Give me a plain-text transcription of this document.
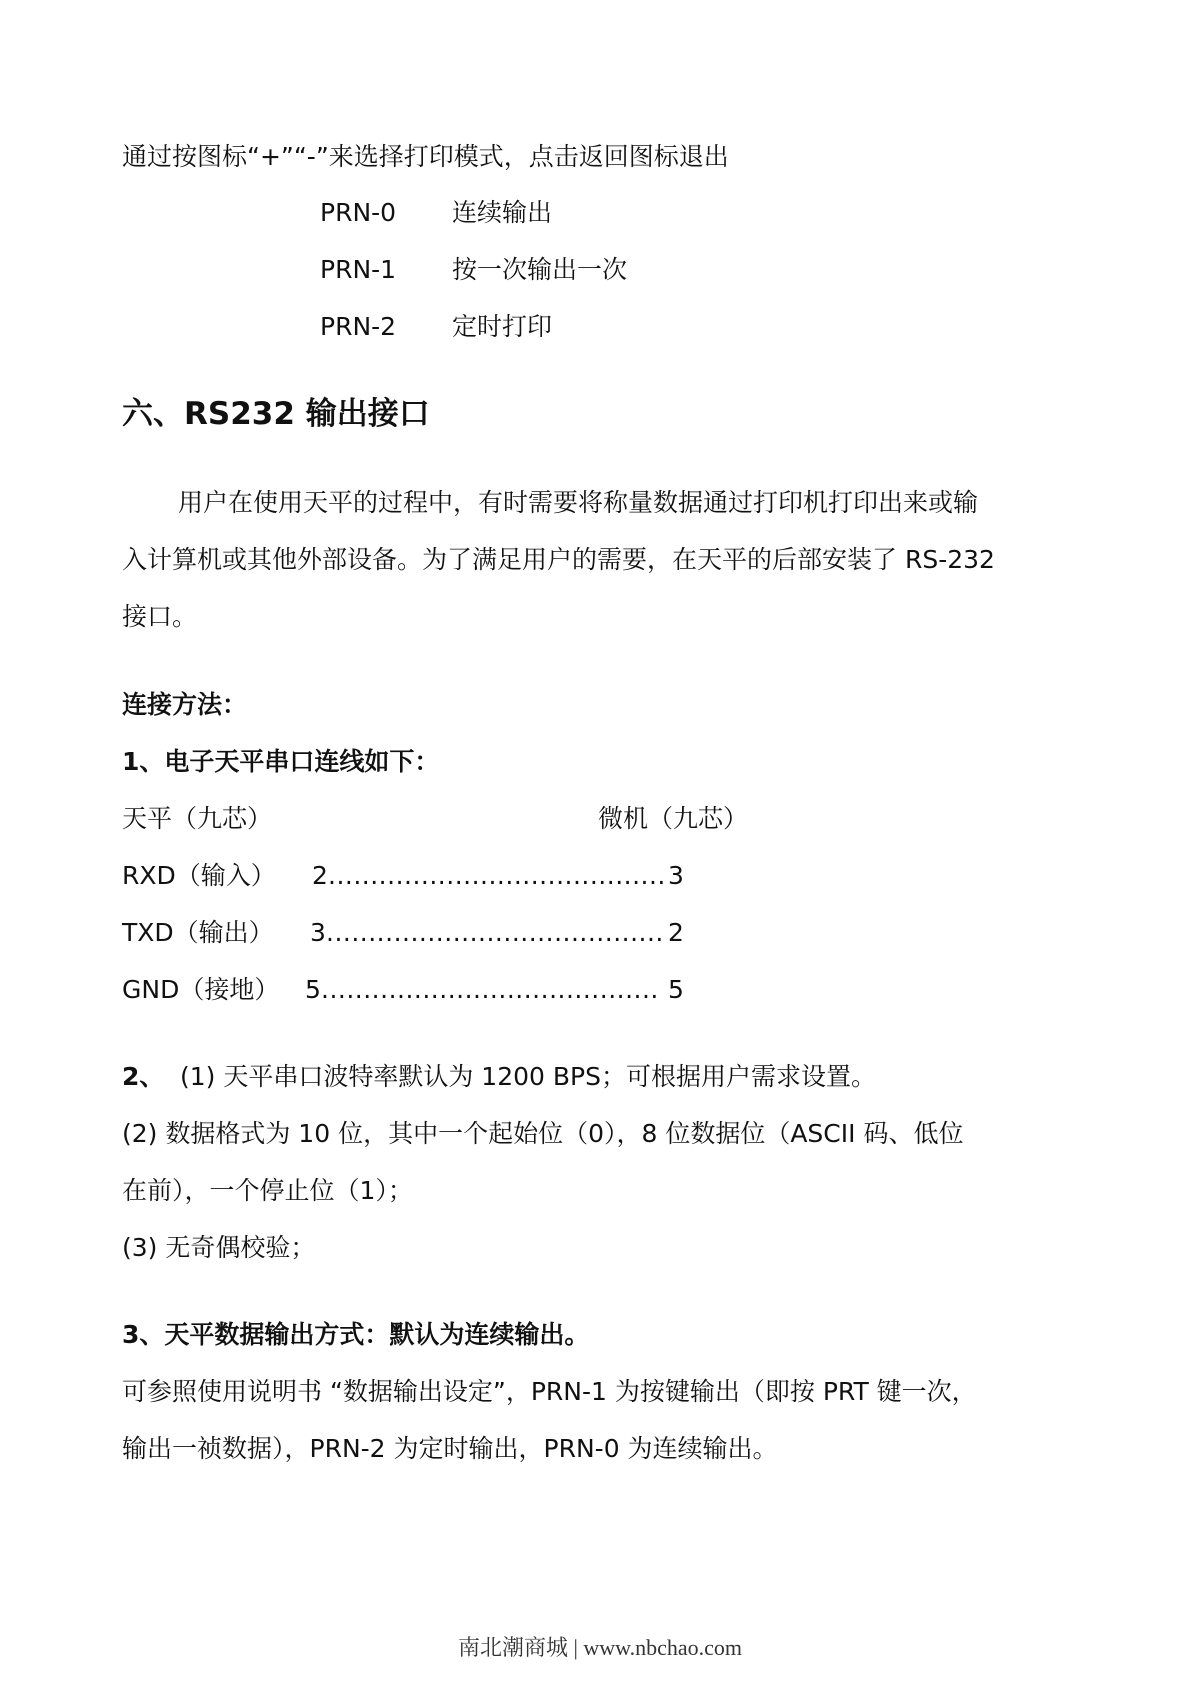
通过按图标“+”“-”来选择打印模式，点击返回图标退出
PRN-0 连续输出
PRN-1 按一次输出一次
PRN-2 定时打印
六、RS232 输出接口
用户在使用天平的过程中，有时需要将称量数据通过打印机打印出来或输
入计算机或其他外部设备。为了满足用户的需要，在天平的后部安装了 RS-232
接口。
连接方法：
1、电子天平串口连线如下：
天平（九芯）	微机（九芯）
RXD（输入） 2 ........................................ 3
TXD（输出） 3 ........................................ 2
GND（接地） 5 ........................................ 5
2、 (1) 天平串口波特率默认为 1200 BPS；可根据用户需求设置。
(2) 数据格式为 10 位，其中一个起始位（0），8 位数据位（ASCII 码、低位
在前），一个停止位（1）；
(3) 无奇偶校验；
3、天平数据输出方式：默认为连续输出。
可参照使用说明书 “数据输出设定”，PRN-1 为按键输出（即按 PRT 键一次，
输出一祯数据），PRN-2 为定时输出，PRN-0 为连续输出。
南北潮商城 | www.nbchao.com
